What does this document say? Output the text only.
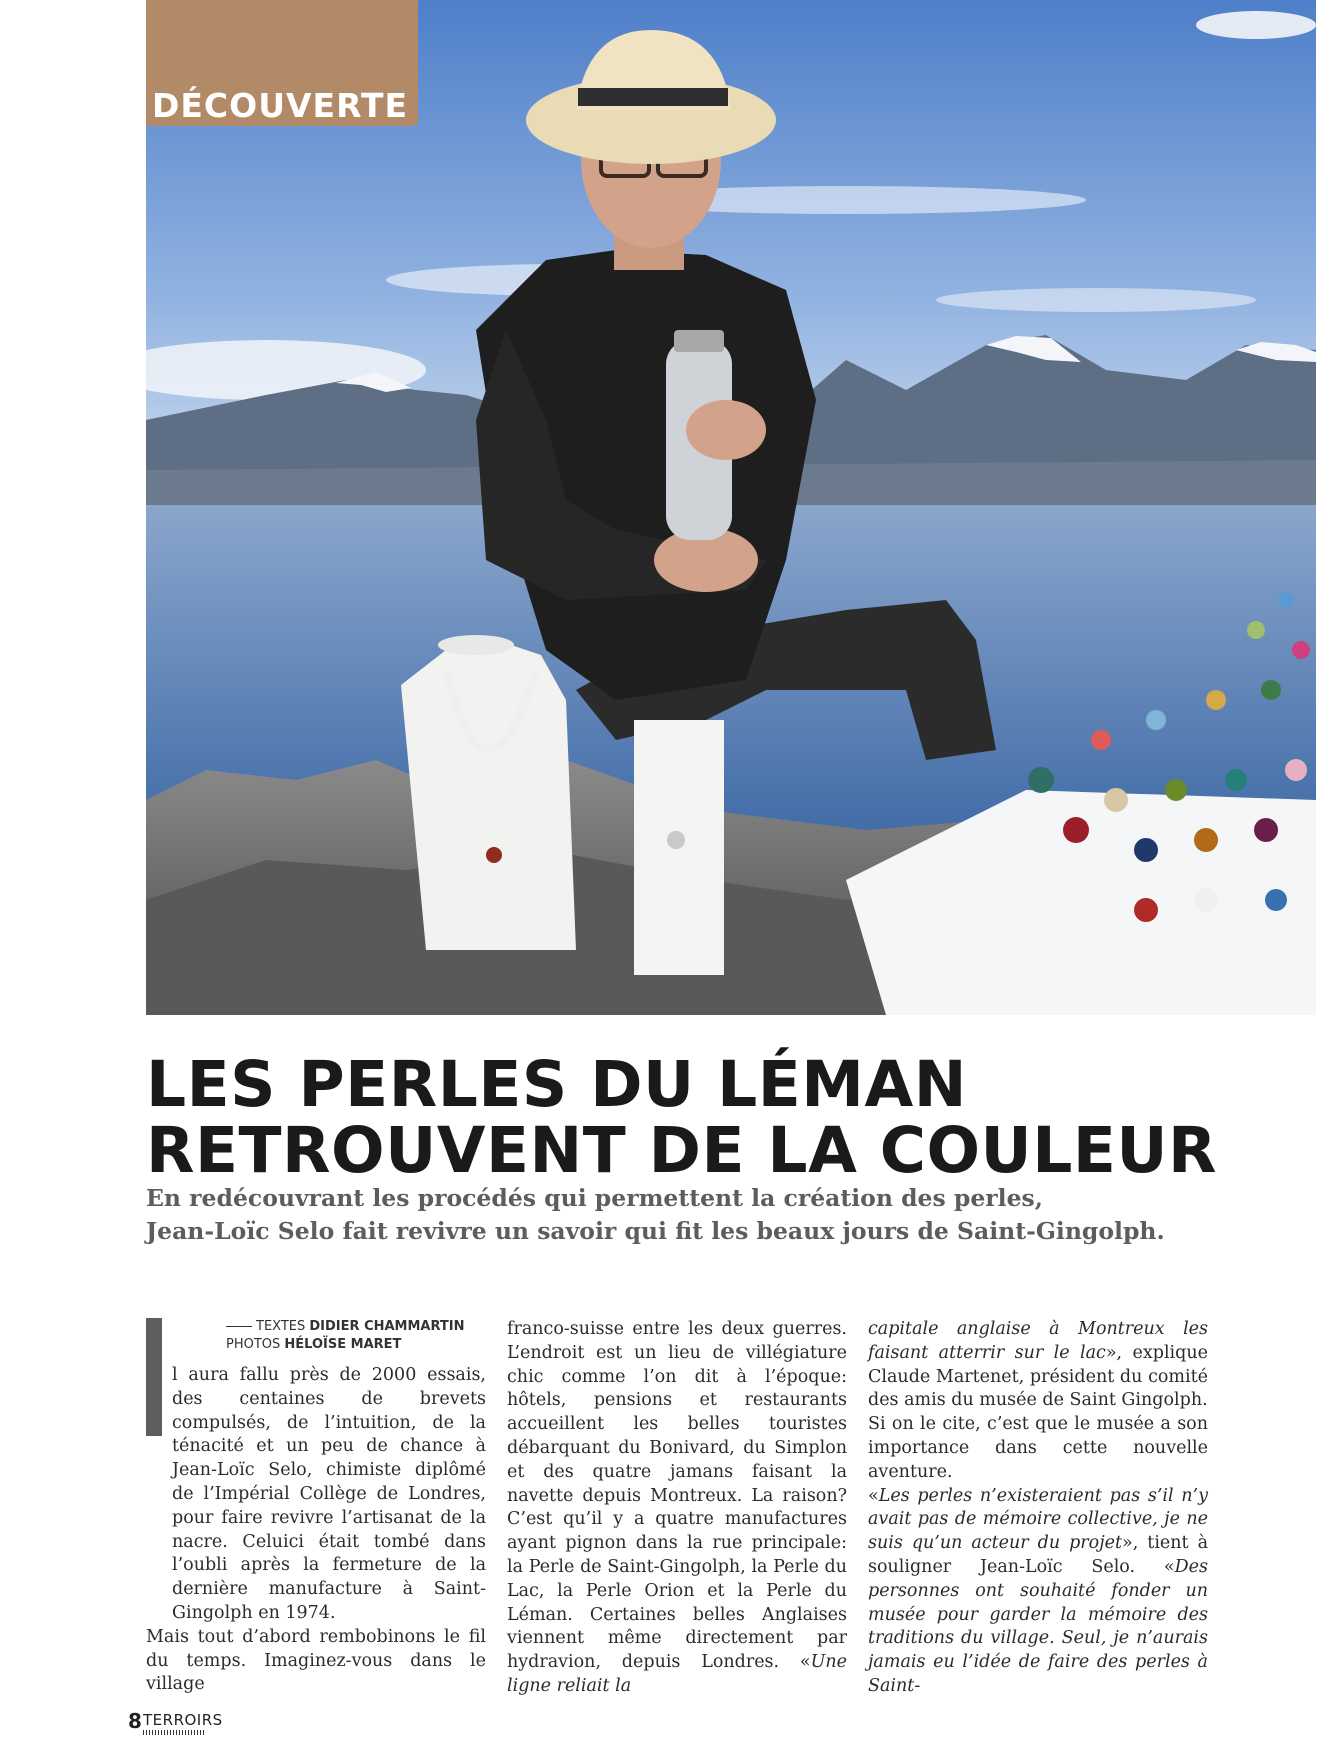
DÉCOUVERTE
LES PERLES DU LÉMAN
RETROUVENT DE LA COULEUR

En redécouvrant les procédés qui permettent la création des perles,
Jean-Loïc Selo fait revivre un savoir qui fit les beaux jours de Saint-Gingolph.

TEXTES DIDIER CHAMMARTIN
PHOTOS HÉLOÏSE MARET

l aura fallu près de 2000 essais, des centaines de brevets compulsés, de l’intuition, de la ténacité et un peu de chance à Jean-Loïc Selo, chimiste diplômé de l’Impérial Collège de Londres, pour faire revivre l’artisanat de la nacre. Celuici était tombé dans l’oubli après la fermeture de la dernière manufacture à Saint-Gingolph en 1974.

Mais tout d’abord rembobinons le fil du temps. Imaginez-vous dans le village

franco-suisse entre les deux guerres. L’endroit est un lieu de villégiature chic comme l’on dit à l’époque: hôtels, pensions et restaurants accueillent les belles touristes débarquant du Bonivard, du Simplon et des quatre jamans faisant la navette depuis Montreux. La raison? C’est qu’il y a quatre manufactures ayant pignon dans la rue principale: la Perle de Saint-Gingolph, la Perle du Lac, la Perle Orion et la Perle du Léman. Certaines belles Anglaises viennent même directement par hydravion, depuis Londres. «Une ligne reliait la

capitale anglaise à Montreux les faisant atterrir sur le lac», explique Claude Martenet, président du comité des amis du musée de Saint Gingolph.

Si on le cite, c’est que le musée a son importance dans cette nouvelle aventure.

«Les perles n’existeraient pas s’il n’y avait pas de mémoire collective, je ne suis qu’un acteur du projet», tient à souligner Jean-Loïc Selo. «Des personnes ont souhaité fonder un musée pour garder la mémoire des traditions du village. Seul, je n’aurais jamais eu l’idée de faire des perles à Saint-

8 TERROIRS
